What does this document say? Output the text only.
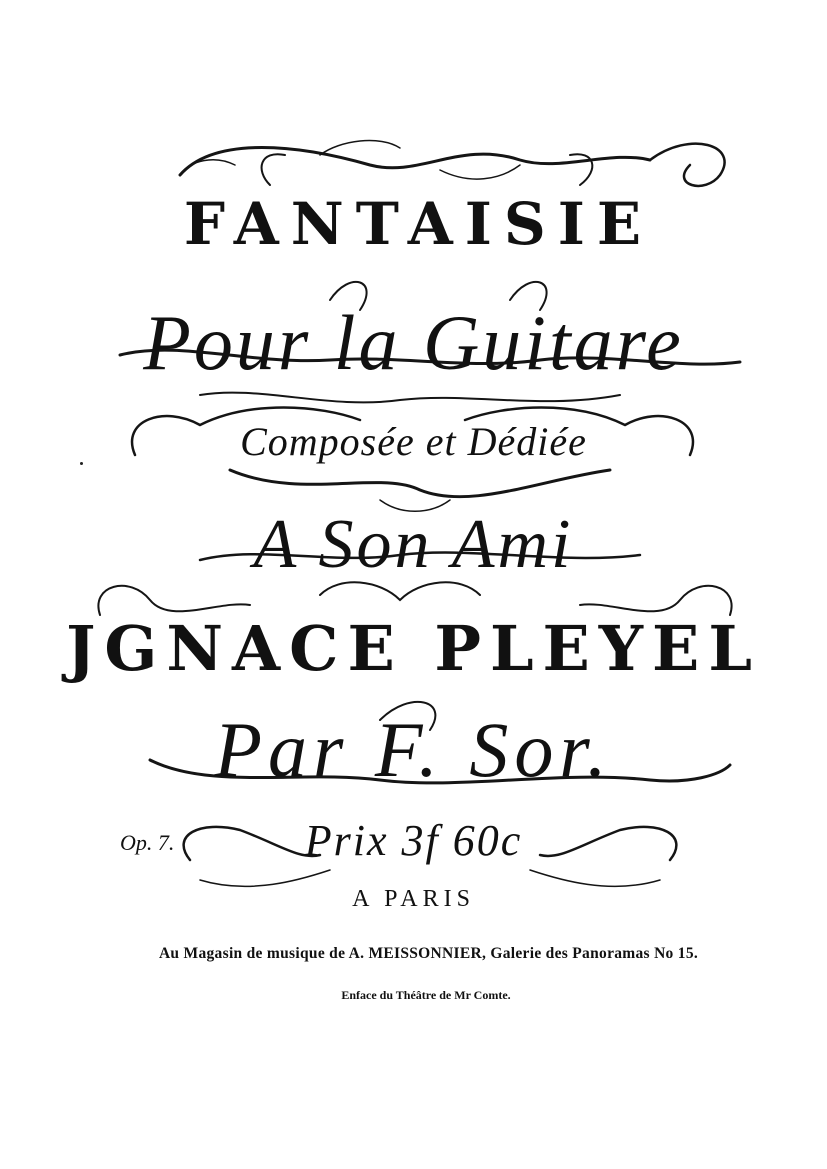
FANTAISIE
Pour la Guitare
Composée et Dédiée
A Son Ami
JGNACE PLEYEL
Par F. Sor.
Op. 7.	Prix 3f 60c
A PARIS
Au Magasin de musique de A. MEISSONNIER, Galerie des Panoramas No 15.
Enface du Théâtre de Mr Comte.
